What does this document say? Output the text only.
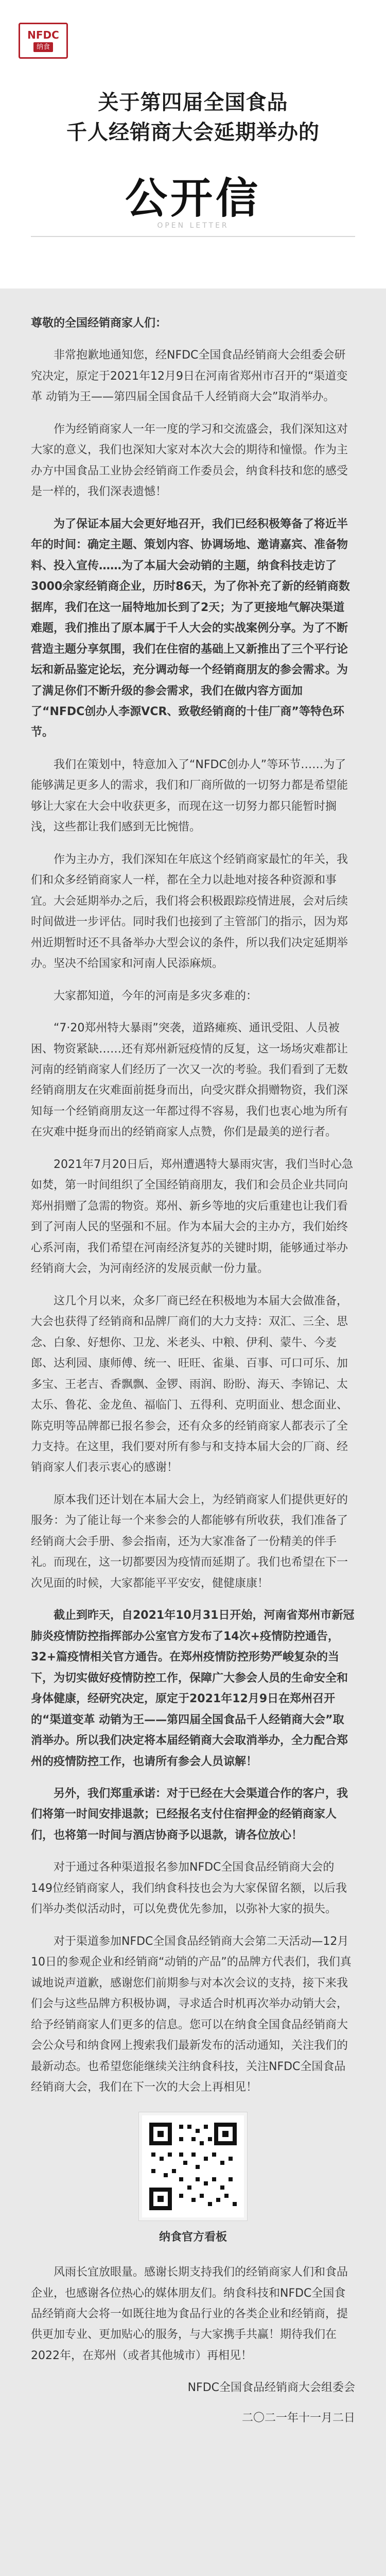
NFDC
纳食
关于第四届全国食品
千人经销商大会延期举办的
公开信
OPEN LETTER

尊敬的全国经销商家人们：

非常抱歉地通知您，经NFDC全国食品经销商大会组委会研究决定，原定于2021年12月9日在河南省郑州市召开的“渠道变革 动销为王——第四届全国食品千人经销商大会”取消举办。

作为经销商家人一年一度的学习和交流盛会，我们深知这对大家的意义，我们也深知大家对本次大会的期待和憧憬。作为主办方中国食品工业协会经销商工作委员会，纳食科技和您的感受是一样的，我们深表遗憾！

为了保证本届大会更好地召开，我们已经积极筹备了将近半年的时间：确定主题、策划内容、协调场地、邀请嘉宾、准备物料、投入宣传……为了本届大会动销的主题，纳食科技走访了3000余家经销商企业，历时86天，为了你补充了新的经销商数据库，我们在这一届特地加长到了2天；为了更接地气解决渠道难题，我们推出了原本属于千人大会的实战案例分享。为了不断营造主题分享氛围，我们在住宿的基础上又新推出了三个平行论坛和新品鉴定论坛，充分调动每一个经销商朋友的参会需求。为了满足你们不断升级的参会需求，我们在做内容方面加了“NFDC创办人李源VCR、致敬经销商的十佳厂商”等特色环节。

我们在策划中，特意加入了“NFDC创办人”等环节……为了能够满足更多人的需求，我们和厂商所做的一切努力都是希望能够让大家在大会中收获更多，而现在这一切努力都只能暂时搁浅，这些都让我们感到无比惋惜。

作为主办方，我们深知在年底这个经销商家最忙的年关，我们和众多经销商家人一样，都在全力以赴地对接各种资源和事宜。大会延期举办之后，我们将会积极跟踪疫情进展，会对后续时间做进一步评估。同时我们也接到了主管部门的指示，因为郑州近期暂时还不具备举办大型会议的条件，所以我们决定延期举办。坚决不给国家和河南人民添麻烦。

大家都知道，今年的河南是多灾多难的：

“7·20郑州特大暴雨”突袭，道路瘫痪、通讯受阻、人员被困、物资紧缺……还有郑州新冠疫情的反复，这一场场灾难都让河南的经销商家人们经历了一次又一次的考验。我们看到了无数经销商朋友在灾难面前挺身而出，向受灾群众捐赠物资，我们深知每一个经销商朋友这一年都过得不容易，我们也衷心地为所有在灾难中挺身而出的经销商家人点赞，你们是最美的逆行者。

2021年7月20日后，郑州遭遇特大暴雨灾害，我们当时心急如焚，第一时间组织了全国经销商朋友，我们和会员企业共同向郑州捐赠了急需的物资。郑州、新乡等地的灾后重建也让我们看到了河南人民的坚强和不屈。作为本届大会的主办方，我们始终心系河南，我们希望在河南经济复苏的关键时期，能够通过举办经销商大会，为河南经济的发展贡献一份力量。

这几个月以来，众多厂商已经在积极地为本届大会做准备，大会也获得了经销商和品牌厂商们的大力支持：双汇、三全、思念、白象、好想你、卫龙、米老头、中粮、伊利、蒙牛、今麦郎、达利园、康师傅、统一、旺旺、雀巢、百事、可口可乐、加多宝、王老吉、香飘飘、金锣、雨润、盼盼、海天、李锦记、太太乐、鲁花、金龙鱼、福临门、五得利、克明面业、想念面业、陈克明等品牌都已报名参会，还有众多的经销商家人都表示了全力支持。在这里，我们要对所有参与和支持本届大会的厂商、经销商家人们表示衷心的感谢！

原本我们还计划在本届大会上，为经销商家人们提供更好的服务：为了能让每一个来参会的人都能够有所收获，我们准备了经销商大会手册、参会指南，还为大家准备了一份精美的伴手礼。而现在，这一切都要因为疫情而延期了。我们也希望在下一次见面的时候，大家都能平平安安，健健康康！

截止到昨天，自2021年10月31日开始，河南省郑州市新冠肺炎疫情防控指挥部办公室官方发布了14次+疫情防控通告，32+篇疫情相关官方通告。在郑州疫情防控形势严峻复杂的当下，为切实做好疫情防控工作，保障广大参会人员的生命安全和身体健康，经研究决定，原定于2021年12月9日在郑州召开的“渠道变革 动销为王——第四届全国食品千人经销商大会”取消举办。所以我们决定将本届经销商大会取消举办，全力配合郑州的疫情防控工作，也请所有参会人员谅解！

另外，我们郑重承诺：对于已经在大会渠道合作的客户，我们将第一时间安排退款；已经报名支付住宿押金的经销商家人们，也将第一时间与酒店协商予以退款，请各位放心！

对于通过各种渠道报名参加NFDC全国食品经销商大会的149位经销商家人，我们纳食科技也会为大家保留名额，以后我们举办类似活动时，可以免费优先参加，以弥补大家的损失。

对于渠道参加NFDC全国食品经销商大会第二天活动—12月10日的参观企业和经销商“动销的产品”的品牌方代表们，我们真诚地说声道歉，感谢您们前期参与对本次会议的支持，接下来我们会与这些品牌方积极协调，寻求适合时机再次举办动销大会，给予经销商家人们更多的信息。您可以在纳食全国食品经销商大会公众号和纳食网上搜索我们最新发布的活动通知，关注我们的最新动态。也希望您能继续关注纳食科技，关注NFDC全国食品经销商大会，我们在下一次的大会上再相见！

纳食官方看板

风雨长宜放眼量。感谢长期支持我们的经销商家人们和食品企业，也感谢各位热心的媒体朋友们。纳食科技和NFDC全国食品经销商大会将一如既往地为食品行业的各类企业和经销商，提供更加专业、更加贴心的服务，与大家携手共赢！期待我们在2022年，在郑州（或者其他城市）再相见！

NFDC全国食品经销商大会组委会

二〇二一年十一月二日
